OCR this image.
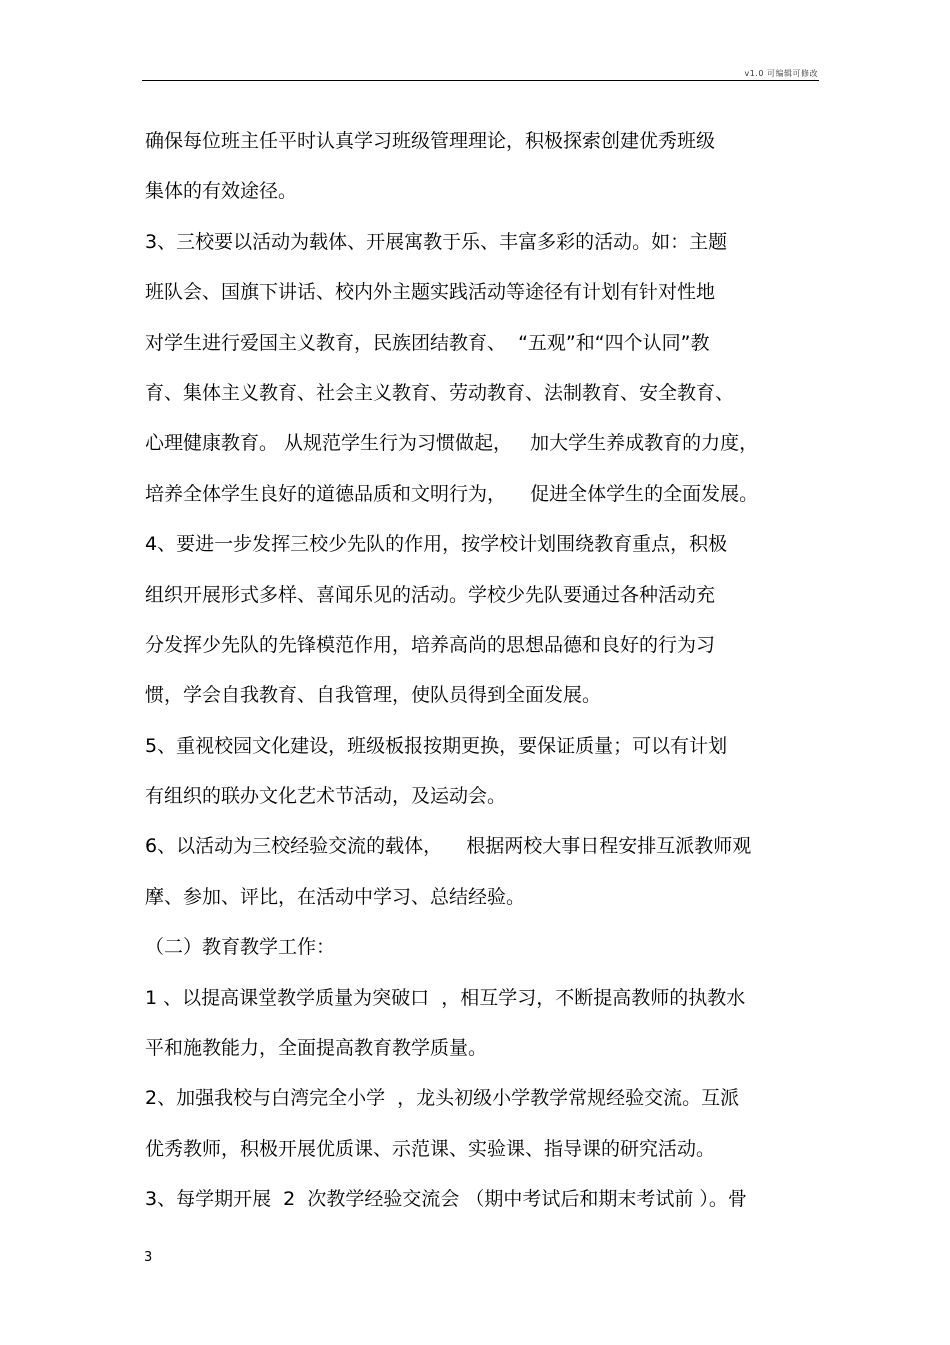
v1.0 可编辑可修改
确保每位班主任平时认真学习班级管理理论，积极探索创建优秀班级
集体的有效途径。
3、三校要以活动为载体、开展寓教于乐、丰富多彩的活动。如：主题
班队会、国旗下讲话、校内外主题实践活动等途径有计划有针对性地
对学生进行爱国主义教育，民族团结教育、  “五观”和“四个认同”教
育、集体主义教育、社会主义教育、劳动教育、法制教育、安全教育、
心理健康教育。 从规范学生行为习惯做起，   加大学生养成教育的力度，
培养全体学生良好的道德品质和文明行为，    促进全体学生的全面发展。
4、要进一步发挥三校少先队的作用，按学校计划围绕教育重点，积极
组织开展形式多样、喜闻乐见的活动。学校少先队要通过各种活动充
分发挥少先队的先锋模范作用，培养高尚的思想品德和良好的行为习
惯，学会自我教育、自我管理，使队员得到全面发展。
5、重视校园文化建设，班级板报按期更换，要保证质量；可以有计划
有组织的联办文化艺术节活动，及运动会。
6、以活动为三校经验交流的载体，    根据两校大事日程安排互派教师观
摩、参加、评比，在活动中学习、总结经验。
（二）教育教学工作：
1 、以提高课堂教学质量为突破口  ，相互学习，不断提高教师的执教水
平和施教能力，全面提高教育教学质量。
2、加强我校与白湾完全小学  ，龙头初级小学教学常规经验交流。互派
优秀教师，积极开展优质课、示范课、实验课、指导课的研究活动。
3、每学期开展  2  次教学经验交流会 （期中考试后和期末考试前 ）。骨
3
